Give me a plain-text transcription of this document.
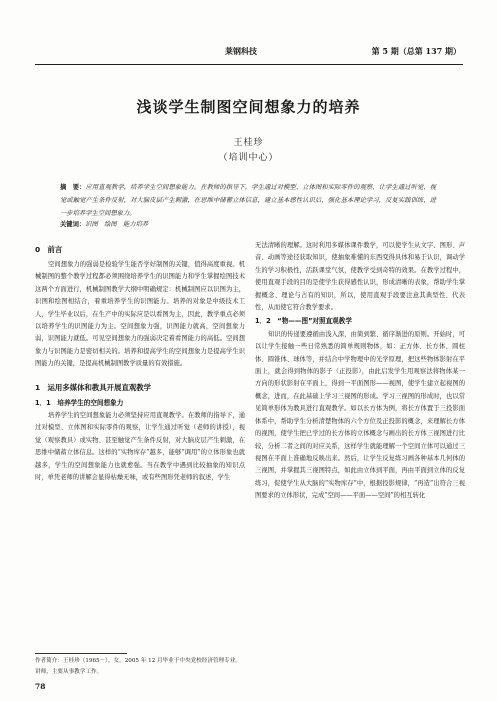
莱钢科技	第 5 期（总第 137 期）
浅谈学生制图空间想象力的培养
王桂珍
（培训中心）
摘　要：应用直观教学，培养学生空间想象能力。在教师的指导下，学生通过对模型、立体图和实际零件的观察，让学生通过听觉、视觉或触觉产生条件反射，对大脑皮层产生刺激，在思维中储蓄立体信息，建立基本感性认识后，强化基本理论学习，反复实践训练，进一步培养学生空间想象力。
关键词：识图　绘图　能力培养
0　前言

空间想象力的强弱是检验学生能否学好制图的关键，值得高度重视。机械制图的整个教学过程都必须围绕培养学生的识图能力和学生掌握绘图技术这两个方面进行，机械制图教学大纲中明确规定：机械制图应以识图为主，识图和绘图相结合，着重培养学生的识图能力。培养的对象是中级技术工人，学生毕业以后，在生产中的实际应是以看图为主，因此，教学重点必须以培养学生的识图能力为主。空间想象力强，识图能力就高，空间想象力弱，识图能力就低。可见空间想象力的强弱决定着看图能力的高低。空间想象力与识图能力是密切相关的。培养和提高学生的空间想象力是提高学生识图能力的关键，是提高机械制图教学质量的有效措施。

1　运用多媒体和教具开展直观教学
1．1　培养学生的空间想象力

培养学生的空间想象能力必须坚持应用直观教学。在教师的指导下，通过对模型、立体图和实际零件的观察，让学生通过听觉（老师的讲授），视觉（观察教具）或实物、甚至触觉产生条件反射，对大脑皮层产生刺激，在思维中储蓄立体信息。这样的“实物库存”越多，能够“调用”的立体形象也就越多，学生的空间想象能力也就愈强。当在教学中遇到比较抽象的知识点时，单凭老师的讲解会显得枯燥无味，或有些图形凭老师的叙述，学生

无法清晰的理解。这时利用多媒体课件教学，可以使学生从文字、图形、声音、动画等途径获取知识，使抽象难懂的东西变得具体和易于认识，调动学生的学习积极性，活跃课堂气氛，使教学受到奇特的效果。在教学过程中，使用直观手段的目的是使学生获得感性认识，形成清晰的表象，帮助学生掌握概念、理论与占有的知识，所以，使用直观手段要注意其典型性、代表性，从而使它符合教学要求。

1．2　“物——图”对照直观教学

知识的传递要遵循由浅入深，由简到繁、循序渐进的原则。开始时，可以让学生接触一些日常熟悉的简单规则物体，如：正方体、长方体、圆柱体、圆锥体、球体等，并结合中学物理中的光学原理，把这些物体影射在平面上，就会得到物体的影子（正投影），由此启发学生用观察法将物体某一方向的形状影射在平面上，得到一平面图形——视图，使学生建立起视图的概念，进而，在此基础上学习三视图的形成。学习三视图的形成时，也以常见简单形体为教具进行直观教学。如以长方体为例，将长方体置于三投影面体系中，帮助学生分析清楚物体的六个方位及正投影的概念，来理解长方体的视图，使学生把已学过的长方体的立体概念与画出的长方体三视图进行比较，分析二者之间的对应关系，这样学生就能理解一个空间立体可以通过三视图在平面上准确地反映出来。然后，让学生反复练习画各种基本几何体的三视图，并掌握其三视图特点，如此由立体到平面，再由平面到立体的反复练习，促使学生从大脑的“实物库存”中，根据投影规律，“再造”出符合三视图要求的立体形状，完成“空间——平面——空间”的相互转化

作者简介：王桂珍（1965－），女，2005 年 12 月毕业于中央党校经济管理专业。讲师，主要从事教学工作。
78
